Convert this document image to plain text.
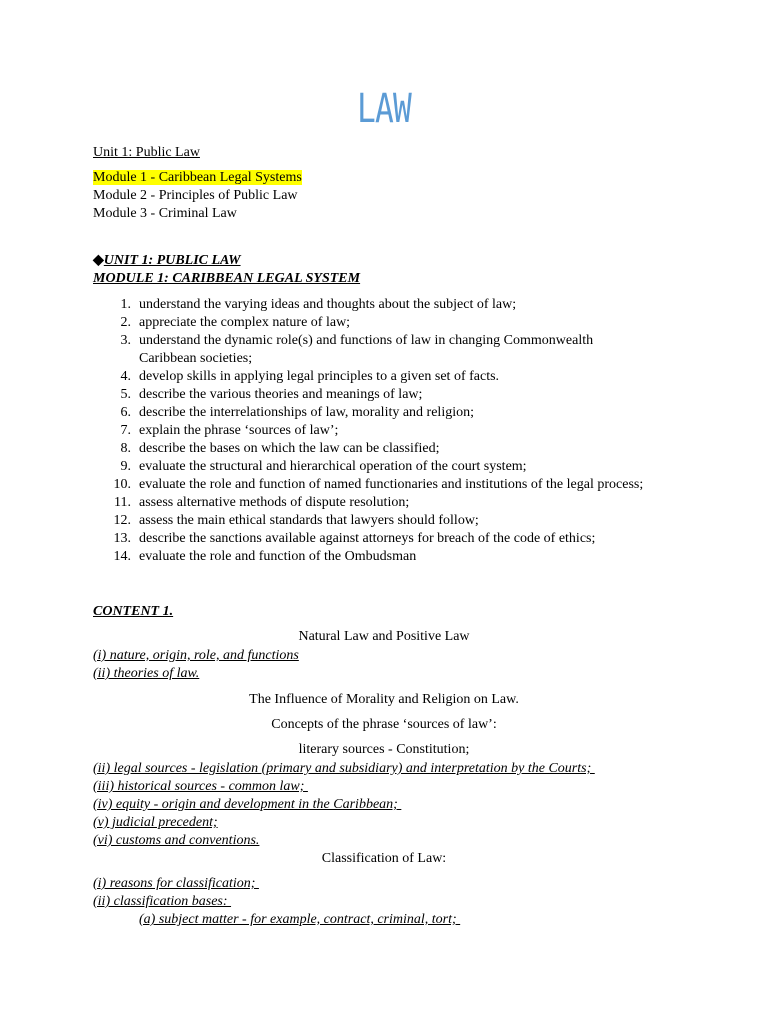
LAW
Unit 1: Public Law
Module 1 - Caribbean Legal Systems
Module 2 - Principles of Public Law
Module 3 - Criminal Law
◆UNIT 1: PUBLIC LAW
MODULE 1: CARIBBEAN LEGAL SYSTEM
1. understand the varying ideas and thoughts about the subject of law;
2. appreciate the complex nature of law;
3. understand the dynamic role(s) and functions of law in changing Commonwealth Caribbean societies;
4. develop skills in applying legal principles to a given set of facts.
5. describe the various theories and meanings of law;
6. describe the interrelationships of law, morality and religion;
7. explain the phrase ‘sources of law’;
8. describe the bases on which the law can be classified;
9. evaluate the structural and hierarchical operation of the court system;
10. evaluate the role and function of named functionaries and institutions of the legal process;
11. assess alternative methods of dispute resolution;
12. assess the main ethical standards that lawyers should follow;
13. describe the sanctions available against attorneys for breach of the code of ethics;
14. evaluate the role and function of the Ombudsman
CONTENT 1.
Natural Law and Positive Law
(i) nature, origin, role, and functions
(ii) theories of law.
The Influence of Morality and Religion on Law.
Concepts of the phrase ‘sources of law’:
literary sources - Constitution;
(ii) legal sources - legislation (primary and subsidiary) and interpretation by the Courts;
(iii) historical sources - common law;
(iv) equity - origin and development in the Caribbean;
(v) judicial precedent;
(vi) customs and conventions.
Classification of Law:
(i) reasons for classification;
(ii) classification bases:
(a) subject matter - for example, contract, criminal, tort;
